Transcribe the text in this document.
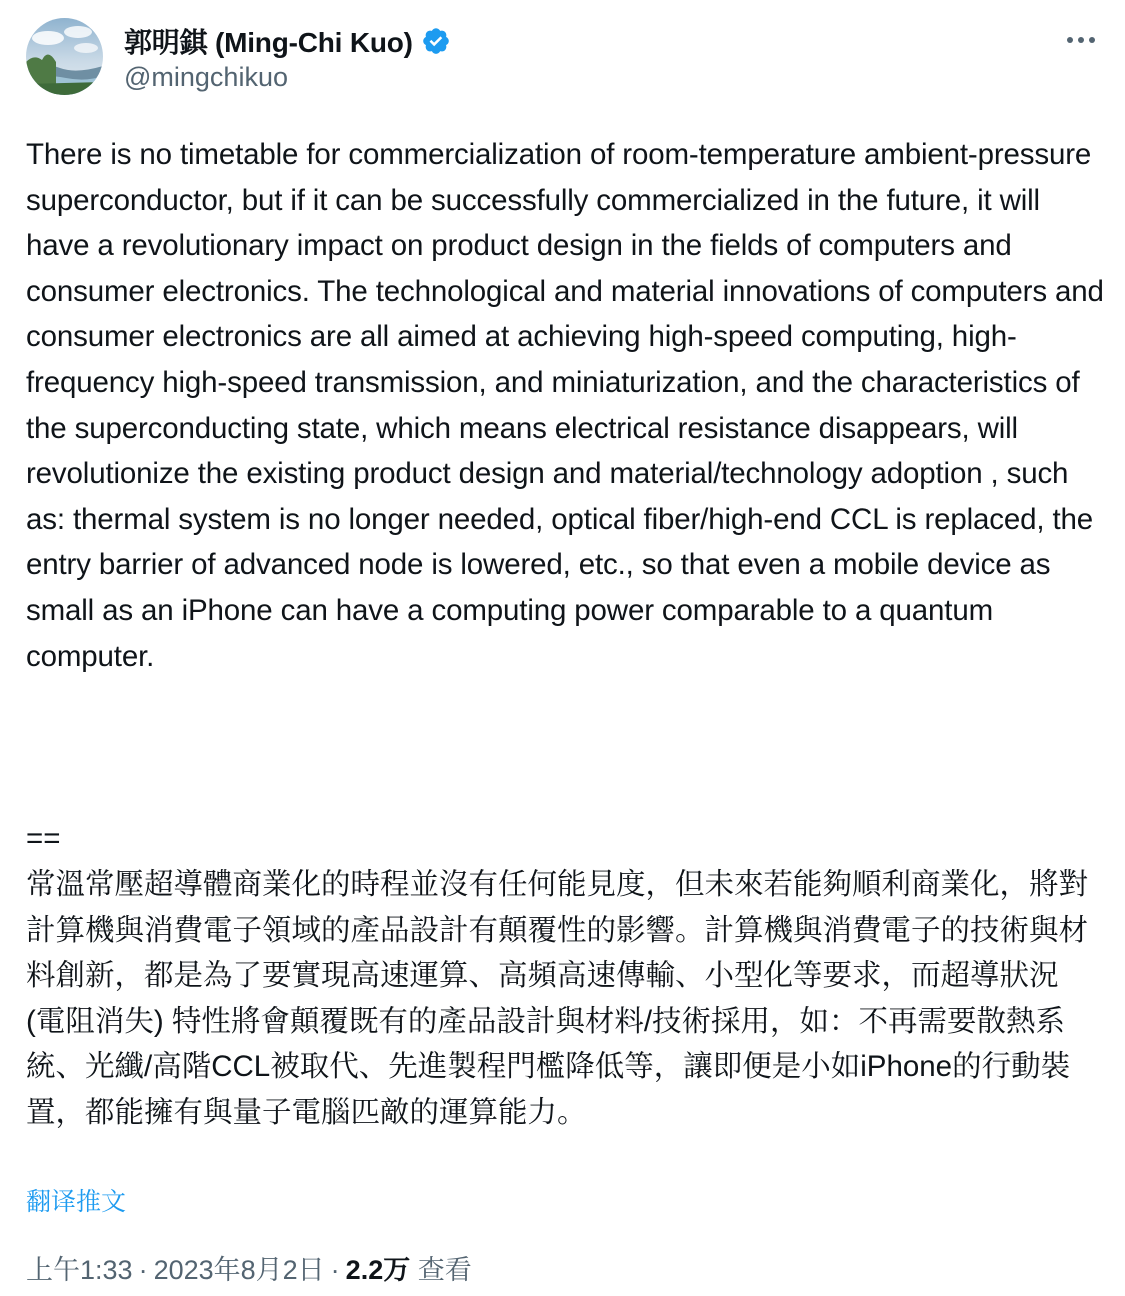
郭明錤 (Ming-Chi Kuo)
@mingchikuo
There is no timetable for commercialization of room-temperature ambient-pressure superconductor, but if it can be successfully commercialized in the future, it will have a revolutionary impact on product design in the fields of computers and consumer electronics. The technological and material innovations of computers and consumer electronics are all aimed at achieving high-speed computing, high-frequency high-speed transmission, and miniaturization, and the characteristics of the superconducting state, which means electrical resistance disappears, will revolutionize the existing product design and material/technology adoption , such as: thermal system is no longer needed, optical fiber/high-end CCL is replaced, the entry barrier of advanced node is lowered, etc., so that even a mobile device as small as an iPhone can have a computing power comparable to a quantum computer.
==
常溫常壓超導體商業化的時程並沒有任何能見度，但未來若能夠順利商業化，將對計算機與消費電子領域的產品設計有顛覆性的影響。計算機與消費電子的技術與材料創新，都是為了要實現高速運算、高頻高速傳輸、小型化等要求，而超導狀況 (電阻消失) 特性將會顛覆既有的產品設計與材料/技術採用，如：不再需要散熱系統、光纖/高階CCL被取代、先進製程門檻降低等，讓即便是小如iPhone的行動裝置，都能擁有與量子電腦匹敵的運算能力。
翻译推文
上午1:33 · 2023年8月2日 · 2.2万 查看
